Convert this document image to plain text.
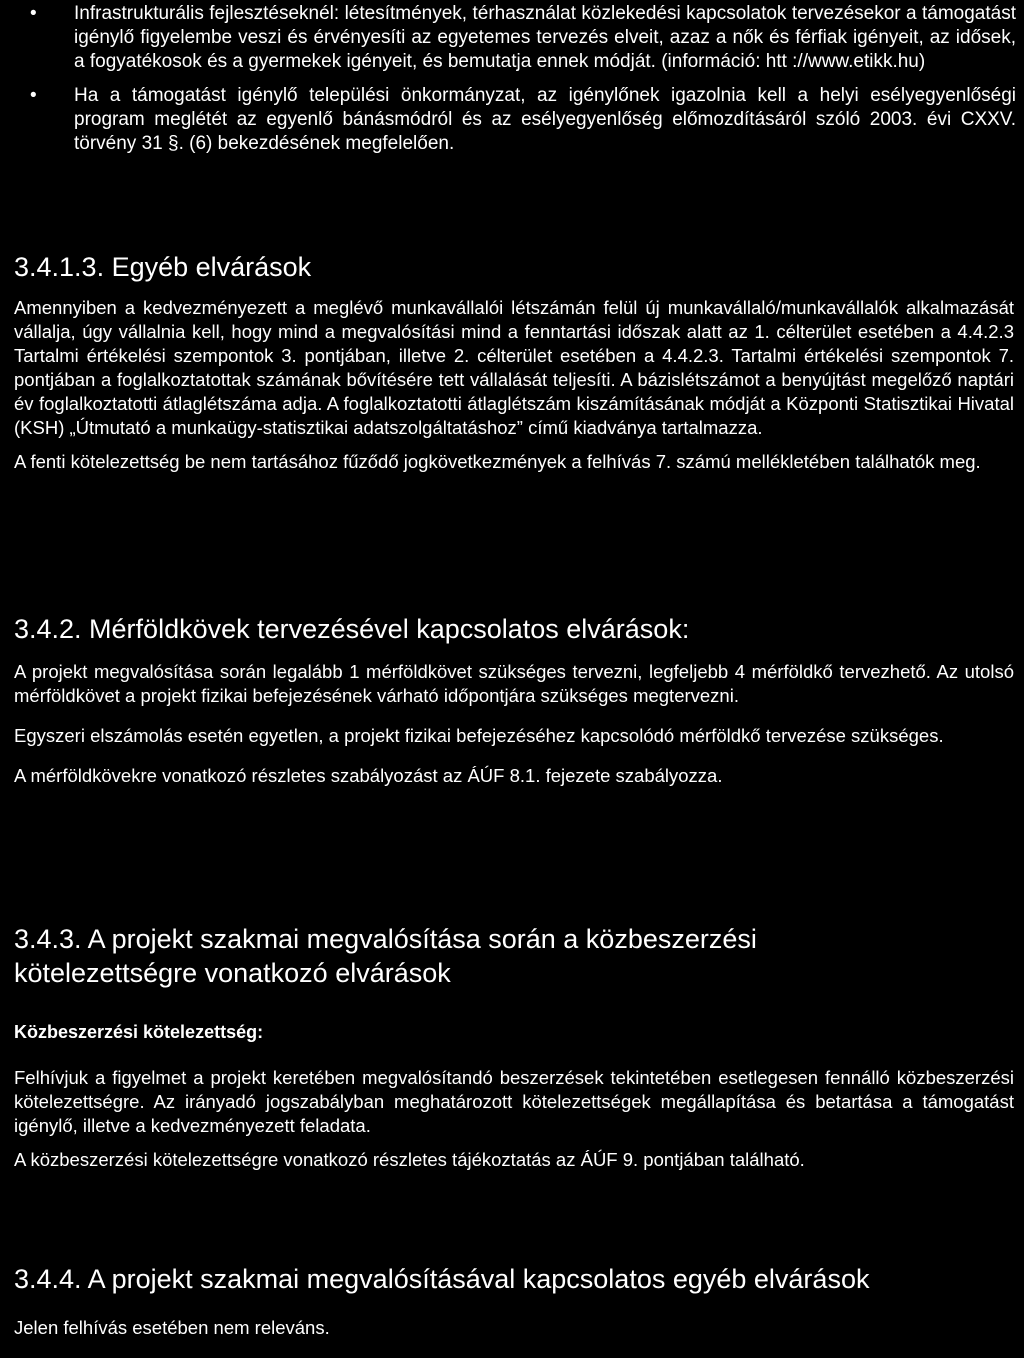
• Infrastrukturális fejlesztéseknél: létesítmények, térhasználat közlekedési kapcsolatok tervezésekor a támogatást igénylő figyelembe veszi és érvényesíti az egyetemes tervezés elveit, azaz a nők és férfiak igényeit, az idősek, a fogyatékosok és a gyermekek igényeit, és bemutatja ennek módját. (információ: htt ://www.etikk.hu)
• Ha a támogatást igénylő települési önkormányzat, az igénylőnek igazolnia kell a helyi esélyegyenlőségi program meglétét az egyenlő bánásmódról és az esélyegyenlőség előmozdításáról szóló 2003. évi CXXV. törvény 31 §. (6) bekezdésének megfelelően.
3.4.1.3. Egyéb elvárások

Amennyiben a kedvezményezett a meglévő munkavállalói létszámán felül új munkavállaló/munkavállalók alkalmazását vállalja, úgy vállalnia kell, hogy mind a megvalósítási mind a fenntartási időszak alatt az 1. célterület esetében a 4.4.2.3 Tartalmi értékelési szempontok 3. pontjában, illetve 2. célterület esetében a 4.4.2.3. Tartalmi értékelési szempontok 7. pontjában a foglalkoztatottak számának bővítésére tett vállalását teljesíti. A bázislétszámot a benyújtást megelőző naptári év foglalkoztatotti átlaglétszáma adja. A foglalkoztatotti átlaglétszám kiszámításának módját a Központi Statisztikai Hivatal (KSH) „Útmutató a munkaügy-statisztikai adatszolgáltatáshoz” című kiadványa tartalmazza.

A fenti kötelezettség be nem tartásához fűződő jogkövetkezmények a felhívás 7. számú mellékletében találhatók meg.

3.4.2. Mérföldkövek tervezésével kapcsolatos elvárások:

A projekt megvalósítása során legalább 1 mérföldkövet szükséges tervezni, legfeljebb 4 mérföldkő tervezhető. Az utolsó mérföldkövet a projekt fizikai befejezésének várható időpontjára szükséges megtervezni.

Egyszeri elszámolás esetén egyetlen, a projekt fizikai befejezéséhez kapcsolódó mérföldkő tervezése szükséges.

A mérföldkövekre vonatkozó részletes szabályozást az ÁÚF 8.1. fejezete szabályozza.

3.4.3. A projekt szakmai megvalósítása során a közbeszerzési
kötelezettségre vonatkozó elvárások

Közbeszerzési kötelezettség:

Felhívjuk a figyelmet a projekt keretében megvalósítandó beszerzések tekintetében esetlegesen fennálló közbeszerzési kötelezettségre. Az irányadó jogszabályban meghatározott kötelezettségek megállapítása és betartása a támogatást igénylő, illetve a kedvezményezett feladata.

A közbeszerzési kötelezettségre vonatkozó részletes tájékoztatás az ÁÚF 9. pontjában található.

3.4.4. A projekt szakmai megvalósításával kapcsolatos egyéb elvárások

Jelen felhívás esetében nem releváns.
